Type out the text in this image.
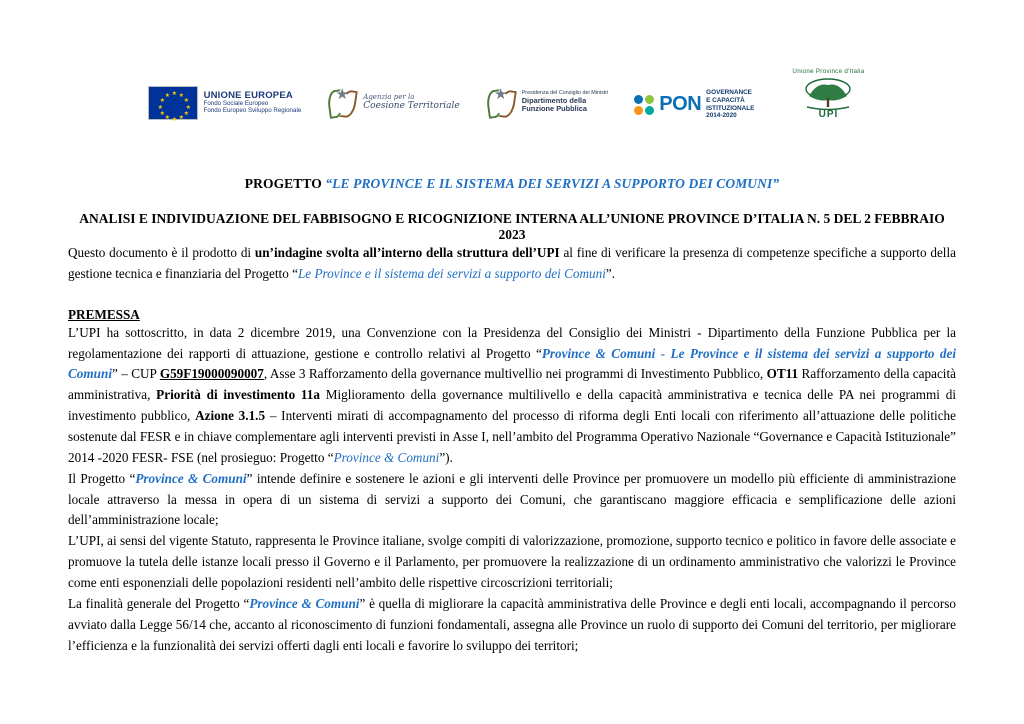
★ ★
★
★
★
★
★
★
★
★
★
★	UNIONE EUROPEA
Fondo Sociale Europeo
Fondo Europeo Sviluppo Regionale
★ Agenzia per la
Coesione Territoriale
★	Presidenza del Consiglio dei Ministri
Dipartimento della
Funzione Pubblica	PON
GOVERNANCE
E CAPACITÀ
ISTITUZIONALE
2014-2020
Unione Province d'Italia
UPI
PROGETTO “LE PROVINCE E IL SISTEMA DEI SERVIZI A SUPPORTO DEI COMUNI”
ANALISI E INDIVIDUAZIONE DEL FABBISOGNO E RICOGNIZIONE INTERNA ALL’UNIONE PROVINCE D’ITALIA N. 5 DEL 2 FEBBRAIO 2023

Questo documento è il prodotto di un’indagine svolta all’interno della struttura dell’UPI al fine di verificare la presenza di competenze specifiche a supporto della gestione tecnica e finanziaria del Progetto “Le Province e il sistema dei servizi a supporto dei Comuni”.

PREMESSA

L’UPI ha sottoscritto, in data 2 dicembre 2019, una Convenzione con la Presidenza del Consiglio dei Ministri - Dipartimento della Funzione Pubblica per la regolamentazione dei rapporti di attuazione, gestione e controllo relativi al Progetto “Province & Comuni - Le Province e il sistema dei servizi a supporto dei Comuni” – CUP G59F19000090007, Asse 3 Rafforzamento della governance multivellio nei programmi di Investimento Pubblico, OT11 Rafforzamento della capacità amministrativa, Priorità di investimento 11a Miglioramento della governance multilivello e della capacità amministrativa e tecnica delle PA nei programmi di investimento pubblico, Azione 3.1.5 – Interventi mirati di accompagnamento del processo di riforma degli Enti locali con riferimento all’attuazione delle politiche sostenute dal FESR e in chiave complementare agli interventi previsti in Asse I, nell’ambito del Programma Operativo Nazionale “Governance e Capacità Istituzionale” 2014 -2020 FESR- FSE (nel prosieguo: Progetto “Province & Comuni”).

Il Progetto “Province & Comuni” intende definire e sostenere le azioni e gli interventi delle Province per promuovere un modello più efficiente di amministrazione locale attraverso la messa in opera di un sistema di servizi a supporto dei Comuni, che garantiscano maggiore efficacia e semplificazione delle azioni dell’amministrazione locale;

L’UPI, ai sensi del vigente Statuto, rappresenta le Province italiane, svolge compiti di valorizzazione, promozione, supporto tecnico e politico in favore delle associate e promuove la tutela delle istanze locali presso il Governo e il Parlamento, per promuovere la realizzazione di un ordinamento amministrativo che valorizzi le Province come enti esponenziali delle popolazioni residenti nell’ambito delle rispettive circoscrizioni territoriali;

La finalità generale del Progetto “Province & Comuni” è quella di migliorare la capacità amministrativa delle Province e degli enti locali, accompagnando il percorso avviato dalla Legge 56/14 che, accanto al riconoscimento di funzioni fondamentali, assegna alle Province un ruolo di supporto dei Comuni del territorio, per migliorare l’efficienza e la funzionalità dei servizi offerti dagli enti locali e favorire lo sviluppo dei territori;
